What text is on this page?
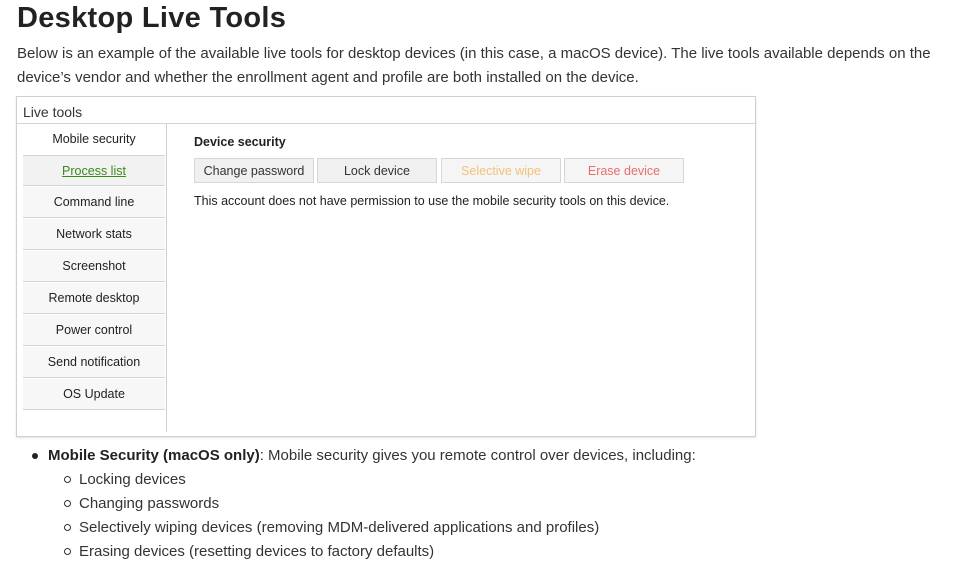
Desktop Live Tools

Below is an example of the available live tools for desktop devices (in this case, a macOS device). The live tools available depends on the
device’s vendor and whether the enrollment agent and profile are both installed on the device.

Live tools
Mobile security
Process list
Command line
Network stats
Screenshot
Remote desktop
Power control
Send notification
OS Update
Device security
Change password	Lock device	Selective wipe	Erase device
This account does not have permission to use the mobile security tools on this device.
Mobile Security (macOS only): Mobile security gives you remote control over devices, including:
Locking devices
Changing passwords
Selectively wiping devices (removing MDM-delivered applications and profiles)
Erasing devices (resetting devices to factory defaults)
